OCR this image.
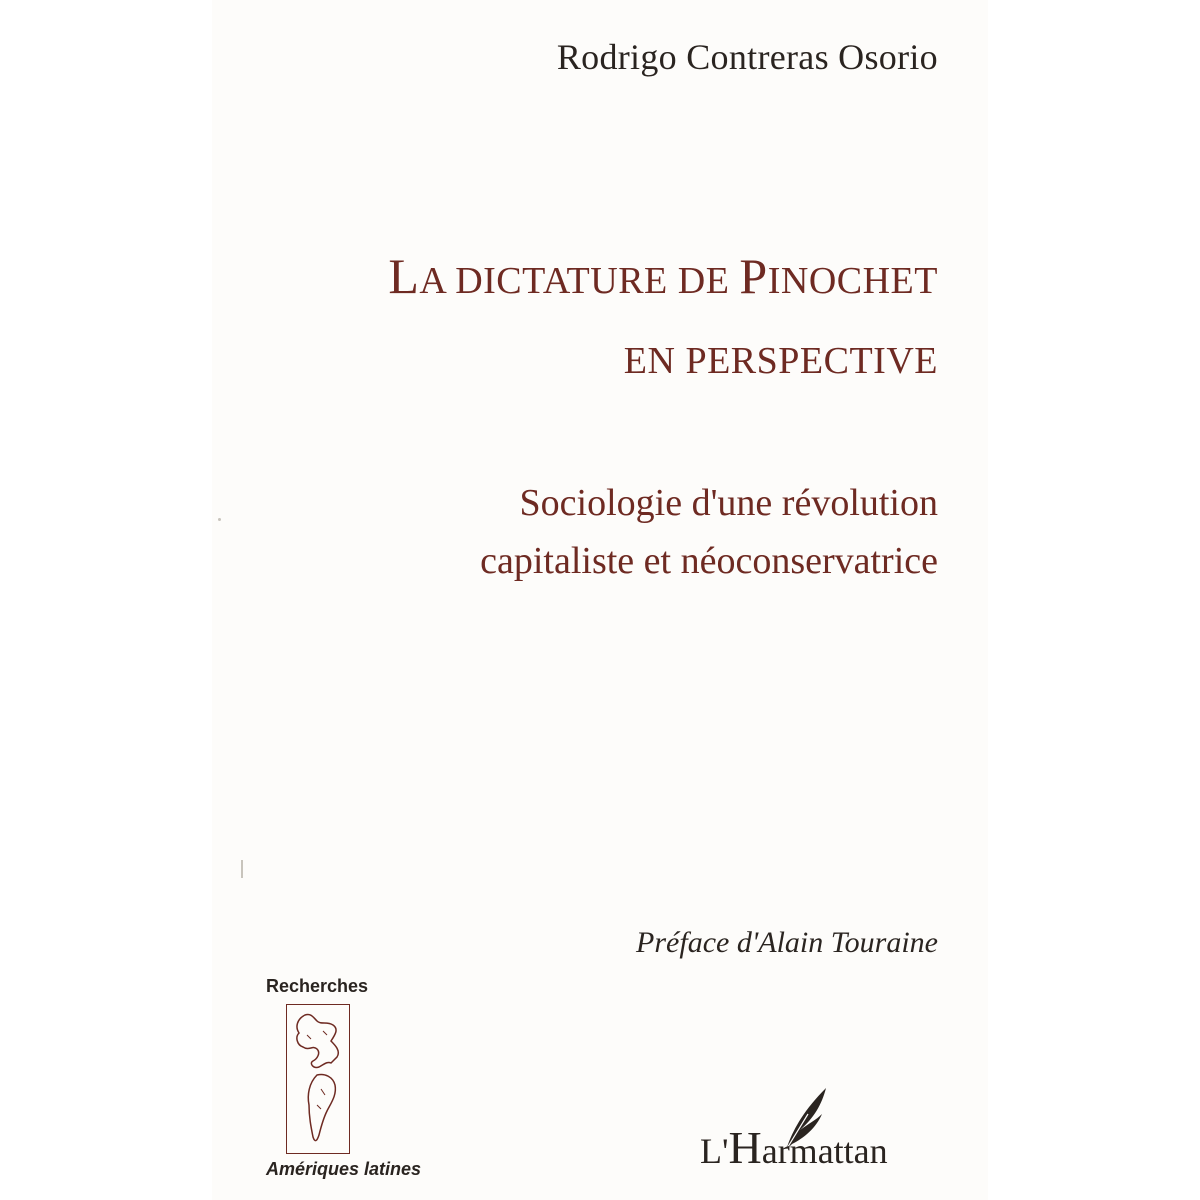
Rodrigo Contreras Osorio
LA DICTATURE DE PINOCHET
EN PERSPECTIVE
Sociologie d'une révolution
capitaliste et néoconservatrice
Préface d'Alain Touraine
Recherches
Amériques latines	L'Harmattan
